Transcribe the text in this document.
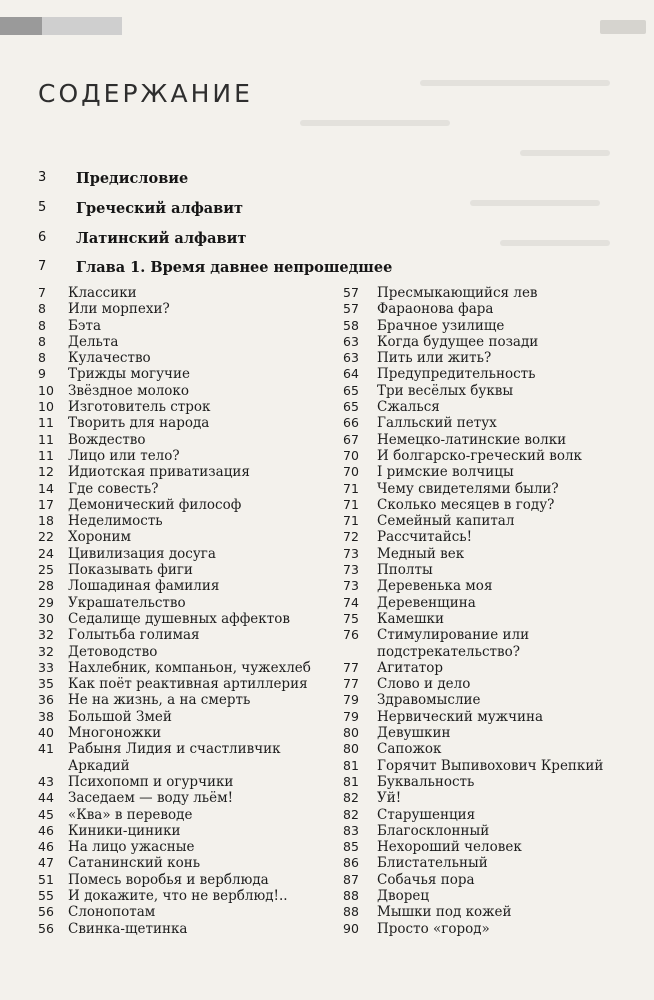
СОДЕРЖАНИЕ
3	Предисловие
5	Греческий алфавит
6	Латинский алфавит
7	Глава 1. Время давнее непрошедшее
7	Классики
8	Или морпехи?
8	Бэта
8	Дельта
8	Кулачество
9	Трижды могучие
10	Звёздное молоко
10	Изготовитель строк
11	Творить для народа
11	Вождество
11	Лицо или тело?
12	Идиотская приватизация
14	Где совесть?
17	Демонический философ
18	Неделимость
22	Хороним
24	Цивилизация досуга
25	Показывать фиги
28	Лошадиная фамилия
29	Украшательство
30	Седалище душевных аффектов
32	Голытьба голимая
32	Детоводство
33	Нахлебник, компаньон, чужехлеб
35	Как поёт реактивная артиллерия
36	Не на жизнь, а на смерть
38	Большой Змей
40	Многоножки
41	Рабыня Лидия и счастливчик
Аркадий
43	Психопомп и огурчики
44	Заседаем — воду льём!
45	«Ква» в переводе
46	Киники-циники
46	На лицо ужасные
47	Сатанинский конь
51	Помесь воробья и верблюда
55	И докажите, что не верблюд!..
56	Слонопотам
56	Свинка-щетинка
57	Пресмыкающийся лев
57	Фараонова фара
58	Брачное узилище
63	Когда будущее позади
63	Пить или жить?
64	Предупредительность
65	Три весёлых буквы
65	Сжалься
66	Галльский петух
67	Немецко-латинские волки
70	И болгарско-греческий волк
70	І римские волчицы
71	Чему свидетелями были?
71	Сколько месяцев в году?
71	Семейный капитал
72	Рассчитайсь!
73	Медный век
73	Пполты
73	Деревенька моя
74	Деревенщина
75	Камешки
76	Стимулирование или
подстрекательство?
77	Агитатор
77	Слово и дело
79	Здравомыслие
79	Нервический мужчина
80	Девушкин
80	Сапожок
81	Горячит Выпивохович Крепкий
81	Буквальность
82	Уй!
82	Старушенция
83	Благосклонный
85	Нехороший человек
86	Блистательный
87	Собачья пора
88	Дворец
88	Мышки под кожей
90	Просто «город»
